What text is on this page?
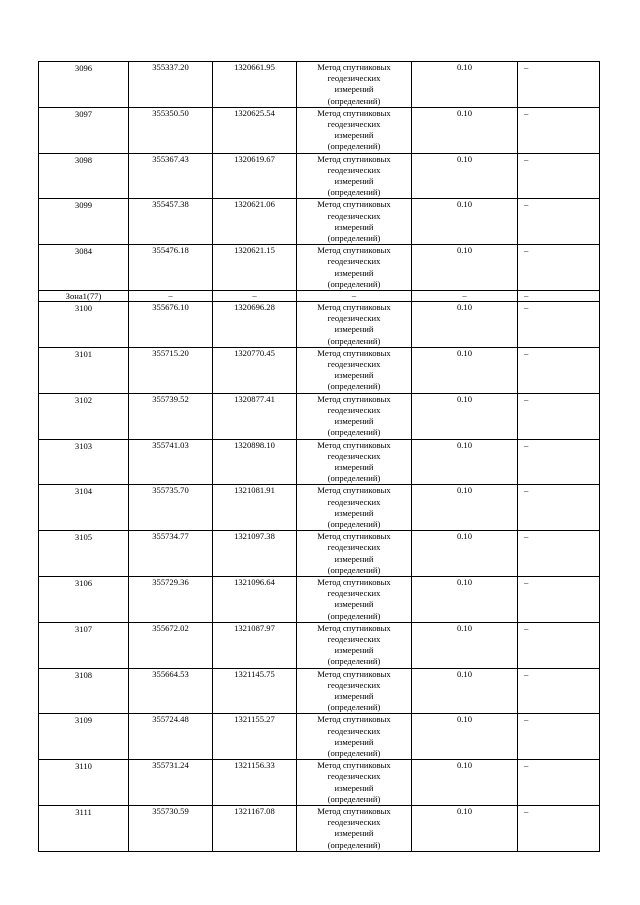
3096	355337.20	1320661.95	Метод спутниковых
геодезических
измерений
(определений)	0.10	–
3097	355350.50	1320625.54	Метод спутниковых
геодезических
измерений
(определений)	0.10	–
3098	355367.43	1320619.67	Метод спутниковых
геодезических
измерений
(определений)	0.10	–
3099	355457.38	1320621.06	Метод спутниковых
геодезических
измерений
(определений)	0.10	–
3084	355476.18	1320621.15	Метод спутниковых
геодезических
измерений
(определений)	0.10	–
Зона1(77)	–	–	–	–	–
3100	355676.10	1320696.28	Метод спутниковых
геодезических
измерений
(определений)	0.10	–
3101	355715.20	1320770.45	Метод спутниковых
геодезических
измерений
(определений)	0.10	–
3102	355739.52	1320877.41	Метод спутниковых
геодезических
измерений
(определений)	0.10	–
3103	355741.03	1320898.10	Метод спутниковых
геодезических
измерений
(определений)	0.10	–
3104	355735.70	1321081.91	Метод спутниковых
геодезических
измерений
(определений)	0.10	–
3105	355734.77	1321097.38	Метод спутниковых
геодезических
измерений
(определений)	0.10	–
3106	355729.36	1321096.64	Метод спутниковых
геодезических
измерений
(определений)	0.10	–
3107	355672.02	1321087.97	Метод спутниковых
геодезических
измерений
(определений)	0.10	–
3108	355664.53	1321145.75	Метод спутниковых
геодезических
измерений
(определений)	0.10	–
3109	355724.48	1321155.27	Метод спутниковых
геодезических
измерений
(определений)	0.10	–
3110	355731.24	1321156.33	Метод спутниковых
геодезических
измерений
(определений)	0.10	–
3111	355730.59	1321167.08	Метод спутниковых
геодезических
измерений
(определений)	0.10	–
